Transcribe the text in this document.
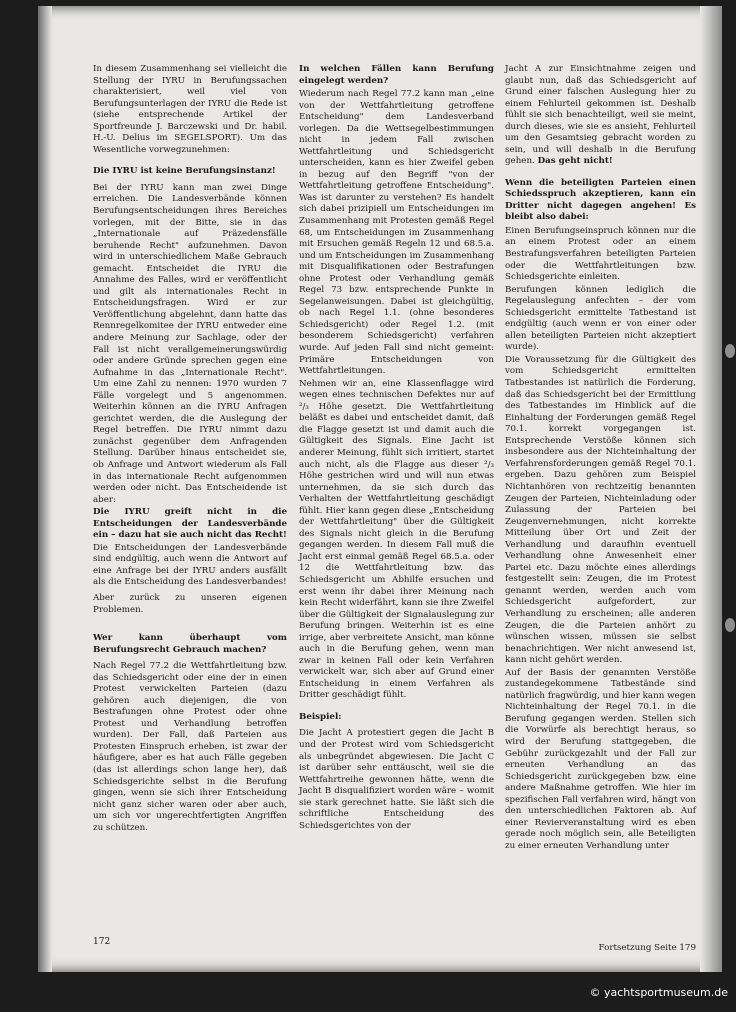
In diesem Zusammenhang sei vielleicht die Stellung der IYRU in Berufungssachen charakterisiert, weil viel von Berufungsunterlagen der IYRU die Rede ist (siehe entsprechende Artikel der Sportfreunde J. Barczewski und Dr. habil. H.-U. Delius im SEGELSPORT). Um das Wesentliche vorwegzunehmen:

Die IYRU ist keine Berufungsinstanz!

Bei der IYRU kann man zwei Dinge erreichen. Die Landesverbände können Berufungsentscheidungen ihres Bereiches vorlegen, mit der Bitte, sie in das „Internationale auf Präzedensfälle beruhende Recht" aufzunehmen. Davon wird in unterschiedlichem Maße Gebrauch gemacht. Entscheidet die IYRU die Annahme des Falles, wird er veröffentlicht und gilt als internationales Recht in Entscheidungsfragen. Wird er zur Veröffentlichung abgelehnt, dann hatte das Rennregelkomitee der IYRU entweder eine andere Meinung zur Sachlage, oder der Fall ist nicht verallgemeinerungswürdig oder andere Gründe sprechen gegen eine Aufnahme in das „Internationale Recht". Um eine Zahl zu nennen: 1970 wurden 7 Fälle vorgelegt und 5 angenommen. Weiterhin können an die IYRU Anfragen gerichtet werden, die die Auslegung der Regel betreffen. Die IYRU nimmt dazu zunächst gegenüber dem Anfragenden Stellung. Darüber hinaus entscheidet sie, ob Anfrage und Antwort wiederum als Fall in das internationale Recht aufgenommen werden oder nicht. Das Entscheidende ist aber:

Die IYRU greift nicht in die Entscheidungen der Landesverbände ein – dazu hat sie auch nicht das Recht!

Die Entscheidungen der Landesverbände sind endgültig, auch wenn die Antwort auf eine Anfrage bei der IYRU anders ausfällt als die Entscheidung des Landesverbandes!

Aber zurück zu unseren eigenen Problemen.

Wer kann überhaupt vom Berufungsrecht Gebrauch machen?

Nach Regel 77.2 die Wettfahrtleitung bzw. das Schiedsgericht oder eine der in einen Protest verwickelten Parteien (dazu gehören auch diejenigen, die von Bestrafungen ohne Protest oder ohne Protest und Verhandlung betroffen wurden). Der Fall, daß Parteien aus Protesten Einspruch erheben, ist zwar der häufigere, aber es hat auch Fälle gegeben (das ist allerdings schon lange her), daß Schiedsgerichte selbst in die Berufung gingen, wenn sie sich ihrer Entscheidung nicht ganz sicher waren oder aber auch, um sich vor ungerechtfertigten Angriffen zu schützen.

In welchen Fällen kann Berufung eingelegt werden?

Wiederum nach Regel 77.2 kann man „eine von der Wettfahrtleitung getroffene Entscheidung" dem Landesverband vorlegen. Da die Wettsegelbestimmungen nicht in jedem Fall zwischen Wettfahrtleitung und Schiedsgericht unterscheiden, kann es hier Zweifel geben in bezug auf den Begriff "von der Wettfahrtleitung getroffene Entscheidung". Was ist darunter zu verstehen? Es handelt sich dabei prizipiell um Entscheidungen im Zusammenhang mit Protesten gemäß Regel 68, um Entscheidungen im Zusammenhang mit Ersuchen gemäß Regeln 12 und 68.5.a. und um Entscheidungen im Zusammenhang mit Disqualifikationen oder Bestrafungen ohne Protest oder Verhandlung gemäß Regel 73 bzw. entsprechende Punkte in Segelanweisungen. Dabei ist gleichgültig, ob nach Regel 1.1. (ohne besonderes Schiedsgericht) oder Regel 1.2. (mit besonderem Schiedsgericht) verfahren wurde. Auf jeden Fall sind nicht gemeint: Primäre Entscheidungen von Wettfahrtleitungen.

Nehmen wir an, eine Klassenflagge wird wegen eines technischen Defektes nur auf ²/₃ Höhe gesetzt. Die Wettfahrtleitung beläßt es dabei und entscheidet damit, daß die Flagge gesetzt ist und damit auch die Gültigkeit des Signals. Eine Jacht ist anderer Meinung, fühlt sich irritiert, startet auch nicht, als die Flagge aus dieser ²/₃ Höhe gestrichen wird und will nun etwas unternehmen, da sie sich durch das Verhalten der Wettfahrtleitung geschädigt fühlt. Hier kann gegen diese „Entscheidung der Wettfahrtleitung" über die Gültigkeit des Signals nicht gleich in die Berufung gegangen werden. In diesem Fall muß die Jacht erst einmal gemäß Regel 68.5.a. oder 12 die Wettfahrtleitung bzw. das Schiedsgericht um Abhilfe ersuchen und erst wenn ihr dabei ihrer Meinung nach kein Recht widerfährt, kann sie ihre Zweifel über die Gültigkeit der Signalauslegung zur Berufung bringen. Weiterhin ist es eine irrige, aber verbreitete Ansicht, man könne auch in die Berufung gehen, wenn man zwar in keinen Fall oder kein Verfahren verwickelt war, sich aber auf Grund einer Entscheidung in einem Verfahren als Dritter geschädigt fühlt.

Beispiel:

Die Jacht A protestiert gegen die Jacht B und der Protest wird vom Schiedsgericht als unbegründet abgewiesen. Die Jacht C ist darüber sehr enttäuscht, weil sie die Wettfahrtreihe gewonnen hätte, wenn die Jacht B disqualifiziert worden wäre – womit sie stark gerechnet hatte. Sie läßt sich die schriftliche Entscheidung des Schiedsgerichtes von der

Jacht A zur Einsichtnahme zeigen und glaubt nun, daß das Schiedsgericht auf Grund einer falschen Auslegung hier zu einem Fehlurteil gekommen ist. Deshalb fühlt sie sich benachteiligt, weil sie meint, durch dieses, wie sie es ansieht, Fehlurteil um den Gesamtsieg gebracht worden zu sein, und will deshalb in die Berufung gehen. Das geht nicht!

Wenn die beteiligten Parteien einen Schiedsspruch akzeptieren, kann ein Dritter nicht dagegen angehen! Es bleibt also dabei:

Einen Berufungseinspruch können nur die an einem Protest oder an einem Bestrafungsverfahren beteiligten Parteien oder die Wettfahrtleitungen bzw. Schiedsgerichte einleiten.

Berufungen können lediglich die Regelauslegung anfechten – der vom Schiedsgericht ermittelte Tatbestand ist endgültig (auch wenn er von einer oder allen beteiligten Parteien nicht akzeptiert wurde).

Die Voraussetzung für die Gültigkeit des vom Schiedsgericht ermittelten Tatbestandes ist natürlich die Forderung, daß das Schiedsgericht bei der Ermittlung des Tatbestandes im Hinblick auf die Einhaltung der Forderungen gemäß Regel 70.1. korrekt vorgegangen ist. Entsprechende Verstöße können sich insbesondere aus der Nichteinhaltung der Verfahrensforderungen gemäß Regel 70.1. ergeben. Dazu gehören zum Beispiel Nichtanhören von rechtzeitig benannten Zeugen der Parteien, Nichteinladung oder Zulassung der Parteien bei Zeugenvernehmungen, nicht korrekte Mitteilung über Ort und Zeit der Verhandlung und daraufhin eventuell Verhandlung ohne Anwesenheit einer Partei etc. Dazu möchte eines allerdings festgestellt sein: Zeugen, die im Protest genannt werden, werden auch vom Schiedsgericht aufgefordert, zur Verhandlung zu erscheinen; alle anderen Zeugen, die die Parteien anhört zu wünschen wissen, müssen sie selbst benachrichtigen. Wer nicht anwesend ist, kann nicht gehört werden.

Auf der Basis der genannten Verstöße zustandegekommene Tatbestände sind natürlich fragwürdig, und hier kann wegen Nichteinhaltung der Regel 70.1. in die Berufung gegangen werden. Stellen sich die Vorwürfe als berechtigt heraus, so wird der Berufung stattgegeben, die Gebühr zurückgezahlt und der Fall zur erneuten Verhandlung an das Schiedsgericht zurückgegeben bzw. eine andere Maßnahme getroffen. Wie hier im spezifischen Fall verfahren wird, hängt von den unterschiedlichen Faktoren ab. Auf einer Revierveranstaltung wird es eben gerade noch möglich sein, alle Beteiligten zu einer erneuten Verhandlung unter

172
Fortsetzung Seite 179
© yachtsportmuseum.de
